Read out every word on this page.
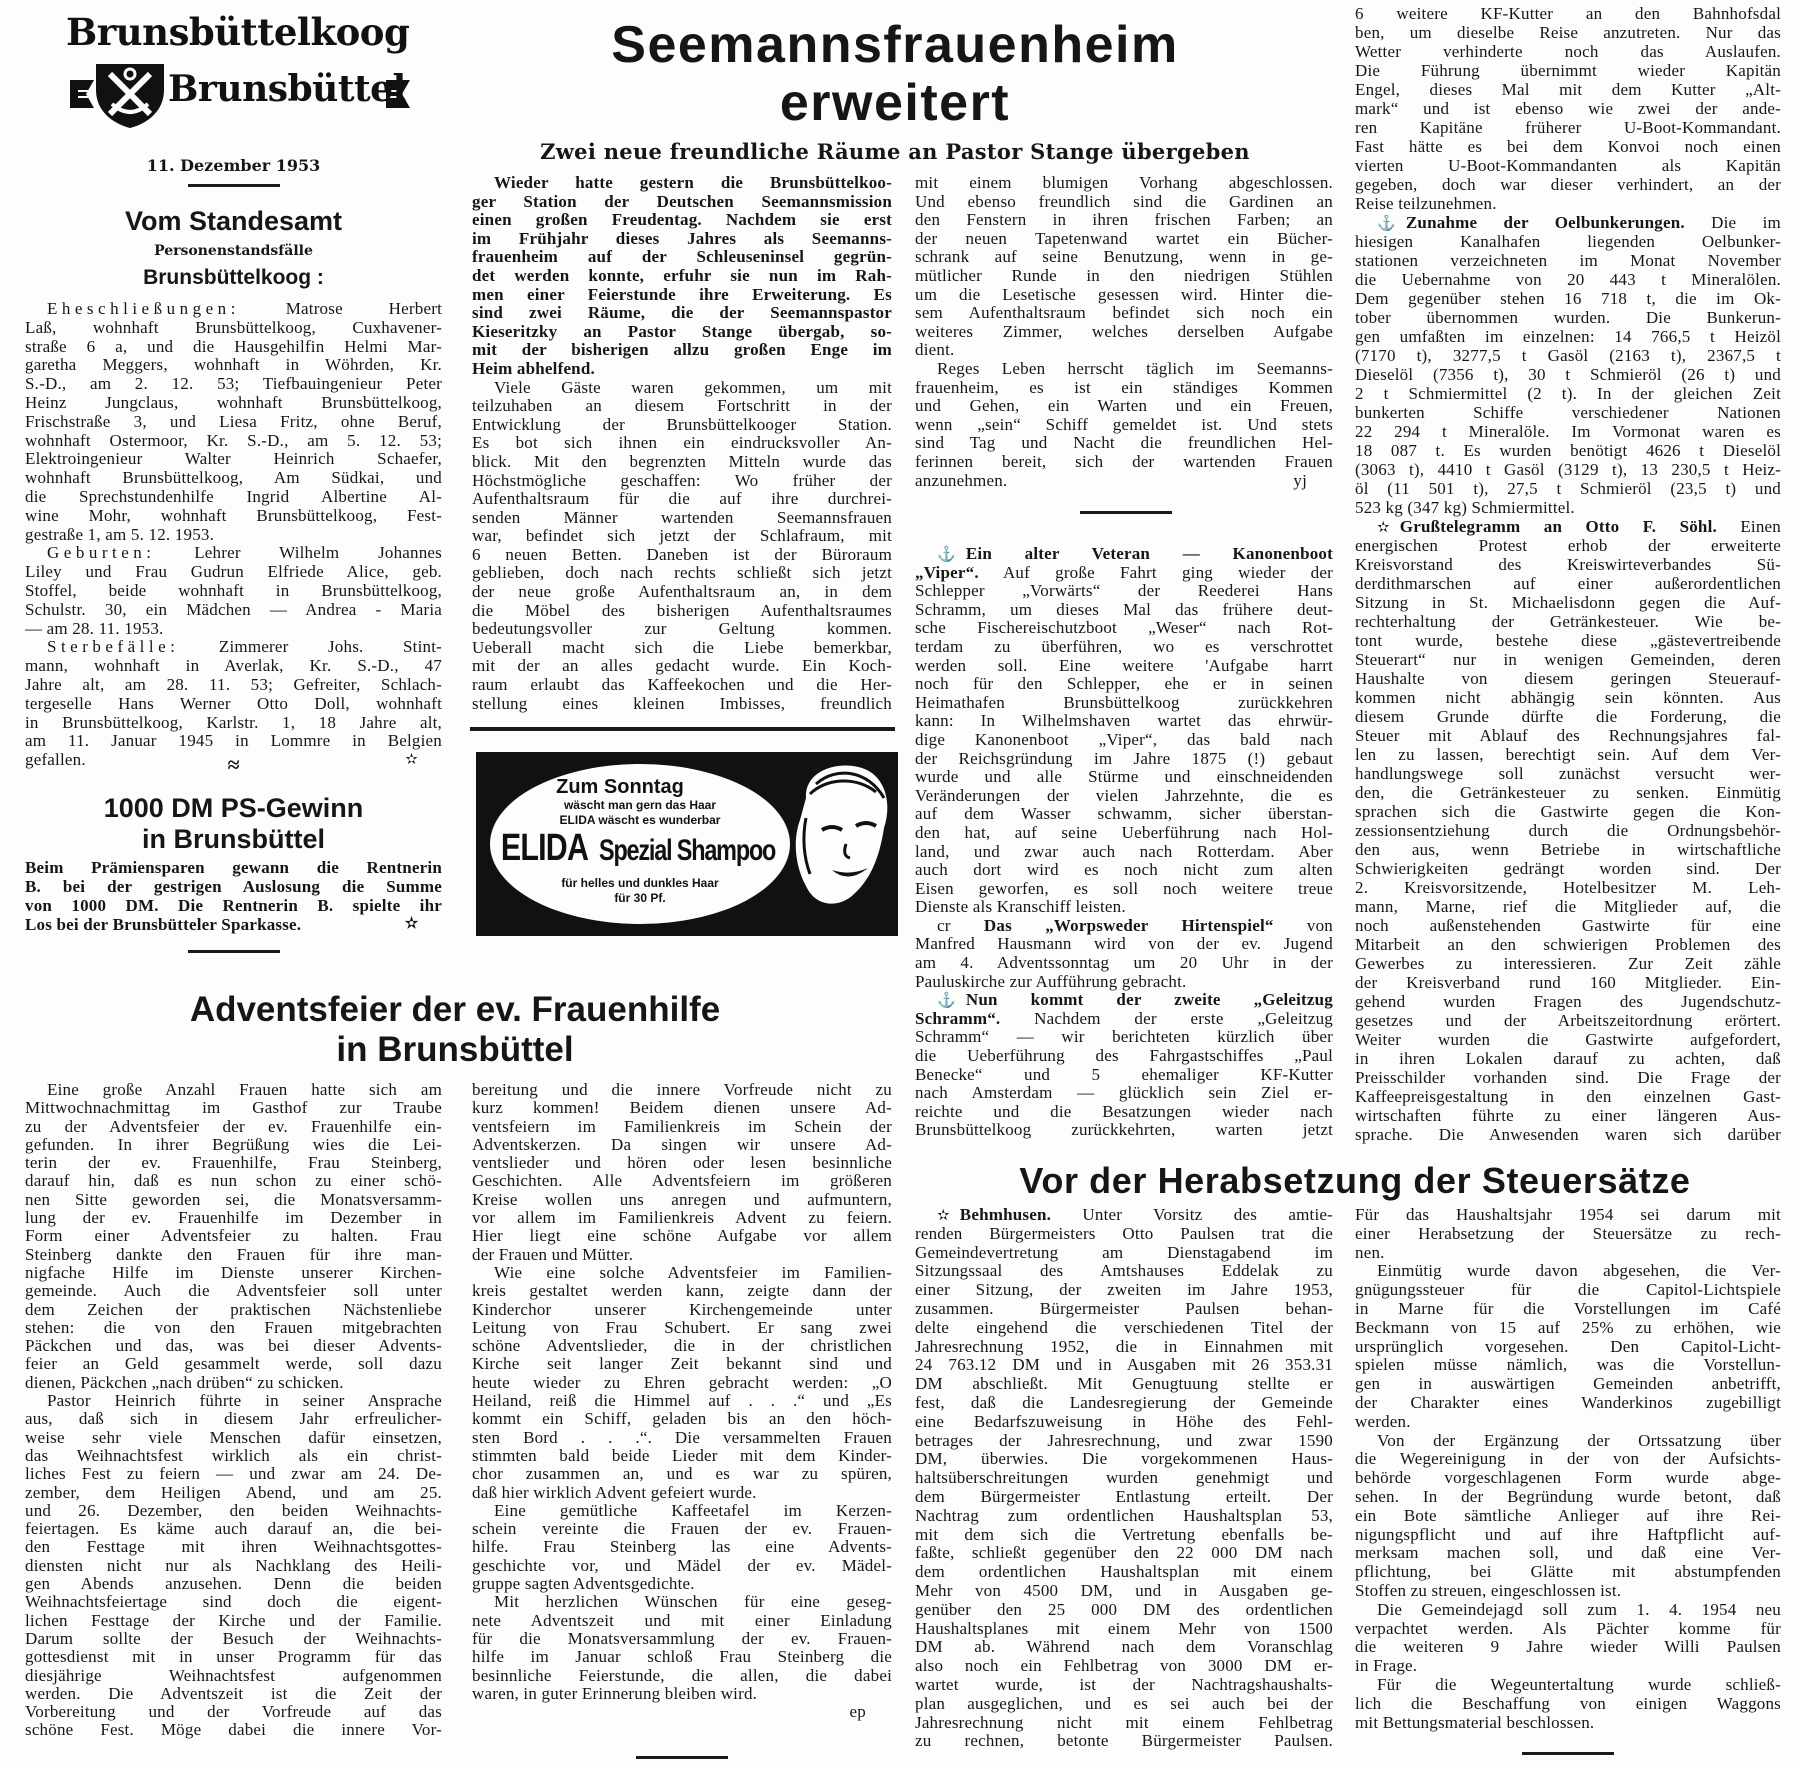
Brunsbüttelkoog
Brunsbüttel
11. Dezember 1953
Vom Standesamt
Personenstandsfälle
Brunsbüttelkoog :
Eheschließungen: Matrose Herbert
Laß, wohnhaft Brunsbüttelkoog, Cuxhavener-
straße 6 a, und die Hausgehilfin Helmi Mar-
garetha Meggers, wohnhaft in Wöhrden, Kr.
S.-D., am 2. 12. 53; Tiefbauingenieur Peter
Heinz Jungclaus, wohnhaft Brunsbüttelkoog,
Frischstraße 3, und Liesa Fritz, ohne Beruf,
wohnhaft Ostermoor, Kr. S.-D., am 5. 12. 53;
Elektroingenieur Walter Heinrich Schaefer,
wohnhaft Brunsbüttelkoog, Am Südkai, und
die Sprechstundenhilfe Ingrid Albertine Al-
wine Mohr, wohnhaft Brunsbüttelkoog, Fest-
gestraße 1, am 5. 12. 1953.
Geburten: Lehrer Wilhelm Johannes
Liley und Frau Gudrun Elfriede Alice, geb.
Stoffel, beide wohnhaft in Brunsbüttelkoog,
Schulstr. 30, ein Mädchen — Andrea - Maria
— am 28. 11. 1953.
Sterbefälle: Zimmerer Johs. Stint-
mann, wohnhaft in Averlak, Kr. S.-D., 47
Jahre alt, am 28. 11. 53; Gefreiter, Schlach-
tergeselle Hans Werner Otto Doll, wohnhaft
in Brunsbüttelkoog, Karlstr. 1, 18 Jahre alt,
am 11. Januar 1945 in Lommre in Belgien
gefallen.	✫
≈
1000 DM PS-Gewinn
in Brunsbüttel
Beim Prämiensparen gewann die Rentnerin
B. bei der gestrigen Auslosung die Summe
von 1000 DM. Die Rentnerin B. spielte ihr
Los bei der Brunsbütteler Sparkasse.	✫
Seemannsfrauenheim
erweitert
Zwei neue freundliche Räume an Pastor Stange übergeben
Wieder hatte gestern die Brunsbüttelkoo-
ger Station der Deutschen Seemannsmission
einen großen Freudentag. Nachdem sie erst
im Frühjahr dieses Jahres als Seemanns-
frauenheim auf der Schleuseninsel gegrün-
det werden konnte, erfuhr sie nun im Rah-
men einer Feierstunde ihre Erweiterung. Es
sind zwei Räume, die der Seemannspastor
Kieseritzky an Pastor Stange übergab, so-
mit der bisherigen allzu großen Enge im
Heim abhelfend.
Viele Gäste waren gekommen, um mit
teilzuhaben an diesem Fortschritt in der
Entwicklung der Brunsbüttelkooger Station.
Es bot sich ihnen ein eindrucksvoller An-
blick. Mit den begrenzten Mitteln wurde das
Höchstmögliche geschaffen: Wo früher der
Aufenthaltsraum für die auf ihre durchrei-
senden Männer wartenden Seemannsfrauen
war, befindet sich jetzt der Schlafraum, mit
6 neuen Betten. Daneben ist der Büroraum
geblieben, doch nach rechts schließt sich jetzt
der neue große Aufenthaltsraum an, in dem
die Möbel des bisherigen Aufenthaltsraumes
bedeutungsvoller zur Geltung kommen.
Ueberall macht sich die Liebe bemerkbar,
mit der an alles gedacht wurde. Ein Koch-
raum erlaubt das Kaffeekochen und die Her-
stellung eines kleinen Imbisses, freundlich
mit einem blumigen Vorhang abgeschlossen.
Und ebenso freundlich sind die Gardinen an
den Fenstern in ihren frischen Farben; an
der neuen Tapetenwand wartet ein Bücher-
schrank auf seine Benutzung, wenn in ge-
mütlicher Runde in den niedrigen Stühlen
um die Lesetische gesessen wird. Hinter die-
sem Aufenthaltsraum befindet sich noch ein
weiteres Zimmer, welches derselben Aufgabe
dient.
Reges Leben herrscht täglich im Seemanns-
frauenheim, es ist ein ständiges Kommen
und Gehen, ein Warten und ein Freuen,
wenn „sein“ Schiff gemeldet ist. Und stets
sind Tag und Nacht die freundlichen Hel-
ferinnen bereit, sich der wartenden Frauen
anzunehmen.	yj
Zum Sonntag
wäscht man gern das Haar
ELIDA wäscht es wunderbar
ELIDA Spezial Shampoo
für helles und dunkles Haar
für 30 Pf.
⚓ Ein alter Veteran — Kanonenboot
„Viper“. Auf große Fahrt ging wieder der
Schlepper „Vorwärts“ der Reederei Hans
Schramm, um dieses Mal das frühere deut-
sche Fischereischutzboot „Weser“ nach Rot-
terdam zu überführen, wo es verschrottet
werden soll. Eine weitere 'Aufgabe harrt
noch für den Schlepper, ehe er in seinen
Heimathafen Brunsbüttelkoog zurückkehren
kann: In Wilhelmshaven wartet das ehrwür-
dige Kanonenboot „Viper“, das bald nach
der Reichsgründung im Jahre 1875 (!) gebaut
wurde und alle Stürme und einschneidenden
Veränderungen der vielen Jahrzehnte, die es
auf dem Wasser schwamm, sicher überstan-
den hat, auf seine Ueberführung nach Hol-
land, und zwar auch nach Rotterdam. Aber
auch dort wird es noch nicht zum alten
Eisen geworfen, es soll noch weitere treue
Dienste als Kranschiff leisten.
cr Das „Worpsweder Hirtenspiel“ von
Manfred Hausmann wird von der ev. Jugend
am 4. Adventssonntag um 20 Uhr in der
Pauluskirche zur Aufführung gebracht.
⚓ Nun kommt der zweite „Geleitzug
Schramm“. Nachdem der erste „Geleitzug
Schramm“ — wir berichteten kürzlich über
die Ueberführung des Fahrgastschiffes „Paul
Benecke“ und 5 ehemaliger KF-Kutter
nach Amsterdam — glücklich sein Ziel er-
reichte und die Besatzungen wieder nach
Brunsbüttelkoog zurückkehrten, warten jetzt
6 weitere KF-Kutter an den Bahnhofsdal
ben, um dieselbe Reise anzutreten. Nur das
Wetter verhinderte noch das Auslaufen.
Die Führung übernimmt wieder Kapitän
Engel, dieses Mal mit dem Kutter „Alt-
mark“ und ist ebenso wie zwei der ande-
ren Kapitäne früherer U-Boot-Kommandant.
Fast hätte es bei dem Konvoi noch einen
vierten U-Boot-Kommandanten als Kapitän
gegeben, doch war dieser verhindert, an der
Reise teilzunehmen.
⚓ Zunahme der Oelbunkerungen. Die im
hiesigen Kanalhafen liegenden Oelbunker-
stationen verzeichneten im Monat November
die Uebernahme von 20 443 t Mineralölen.
Dem gegenüber stehen 16 718 t, die im Ok-
tober übernommen wurden. Die Bunkerun-
gen umfaßten im einzelnen: 14 766,5 t Heizöl
(7170 t), 3277,5 t Gasöl (2163 t), 2367,5 t
Dieselöl (7356 t), 30 t Schmieröl (26 t) und
2 t Schmiermittel (2 t). In der gleichen Zeit
bunkerten Schiffe verschiedener Nationen
22 294 t Mineralöle. Im Vormonat waren es
18 087 t. Es wurden benötigt 4626 t Dieselöl
(3063 t), 4410 t Gasöl (3129 t), 13 230,5 t Heiz-
öl (11 501 t), 27,5 t Schmieröl (23,5 t) und
523 kg (347 kg) Schmiermittel.
✫ Grußtelegramm an Otto F. Söhl. Einen
energischen Protest erhob der erweiterte
Kreisvorstand des Kreiswirteverbandes Sü-
derdithmarschen auf einer außerordentlichen
Sitzung in St. Michaelisdonn gegen die Auf-
rechterhaltung der Getränkesteuer. Wie be-
tont wurde, bestehe diese „gästevertreibende
Steuerart“ nur in wenigen Gemeinden, deren
Haushalte von diesem geringen Steuerauf-
kommen nicht abhängig sein könnten. Aus
diesem Grunde dürfte die Forderung, die
Steuer mit Ablauf des Rechnungsjahres fal-
len zu lassen, berechtigt sein. Auf dem Ver-
handlungswege soll zunächst versucht wer-
den, die Getränkesteuer zu senken. Einmütig
sprachen sich die Gastwirte gegen die Kon-
zessionsentziehung durch die Ordnungsbehör-
den aus, wenn Betriebe in wirtschaftliche
Schwierigkeiten gedrängt worden sind. Der
2. Kreisvorsitzende, Hotelbesitzer M. Leh-
mann, Marne, rief die Mitglieder auf, die
noch außenstehenden Gastwirte für eine
Mitarbeit an den schwierigen Problemen des
Gewerbes zu interessieren. Zur Zeit zähle
der Kreisverband rund 160 Mitglieder. Ein-
gehend wurden Fragen des Jugendschutz-
gesetzes und der Arbeitszeitordnung erörtert.
Weiter wurden die Gastwirte aufgefordert,
in ihren Lokalen darauf zu achten, daß
Preisschilder vorhanden sind. Die Frage der
Kaffeepreisgestaltung in den einzelnen Gast-
wirtschaften führte zu einer längeren Aus-
sprache. Die Anwesenden waren sich darüber
Adventsfeier der ev. Frauenhilfe
in Brunsbüttel
Eine große Anzahl Frauen hatte sich am
Mittwochnachmittag im Gasthof zur Traube
zu der Adventsfeier der ev. Frauenhilfe ein-
gefunden. In ihrer Begrüßung wies die Lei-
terin der ev. Frauenhilfe, Frau Steinberg,
darauf hin, daß es nun schon zu einer schö-
nen Sitte geworden sei, die Monatsversamm-
lung der ev. Frauenhilfe im Dezember in
Form einer Adventsfeier zu halten. Frau
Steinberg dankte den Frauen für ihre man-
nigfache Hilfe im Dienste unserer Kirchen-
gemeinde. Auch die Adventsfeier soll unter
dem Zeichen der praktischen Nächstenliebe
stehen: die von den Frauen mitgebrachten
Päckchen und das, was bei dieser Advents-
feier an Geld gesammelt werde, soll dazu
dienen, Päckchen „nach drüben“ zu schicken.
Pastor Heinrich führte in seiner Ansprache
aus, daß sich in diesem Jahr erfreulicher-
weise sehr viele Menschen dafür einsetzen,
das Weihnachtsfest wirklich als ein christ-
liches Fest zu feiern — und zwar am 24. De-
zember, dem Heiligen Abend, und am 25.
und 26. Dezember, den beiden Weihnachts-
feiertagen. Es käme auch darauf an, die bei-
den Festtage mit ihren Weihnachtsgottes-
diensten nicht nur als Nachklang des Heili-
gen Abends anzusehen. Denn die beiden
Weihnachtsfeiertage sind doch die eigent-
lichen Festtage der Kirche und der Familie.
Darum sollte der Besuch der Weihnachts-
gottesdienst mit in unser Programm für das
diesjährige Weihnachtsfest aufgenommen
werden. Die Adventszeit ist die Zeit der
Vorbereitung und der Vorfreude auf das
schöne Fest. Möge dabei die innere Vor-
bereitung und die innere Vorfreude nicht zu
kurz kommen! Beidem dienen unsere Ad-
ventsfeiern im Familienkreis im Schein der
Adventskerzen. Da singen wir unsere Ad-
ventslieder und hören oder lesen besinnliche
Geschichten. Alle Adventsfeiern im größeren
Kreise wollen uns anregen und aufmuntern,
vor allem im Familienkreis Advent zu feiern.
Hier liegt eine schöne Aufgabe vor allem
der Frauen und Mütter.
Wie eine solche Adventsfeier im Familien-
kreis gestaltet werden kann, zeigte dann der
Kinderchor unserer Kirchengemeinde unter
Leitung von Frau Schubert. Er sang zwei
schöne Adventslieder, die in der christlichen
Kirche seit langer Zeit bekannt sind und
heute wieder zu Ehren gebracht werden: „O
Heiland, reiß die Himmel auf . . .“ und „Es
kommt ein Schiff, geladen bis an den höch-
sten Bord . . .“. Die versammelten Frauen
stimmten bald beide Lieder mit dem Kinder-
chor zusammen an, und es war zu spüren,
daß hier wirklich Advent gefeiert wurde.
Eine gemütliche Kaffeetafel im Kerzen-
schein vereinte die Frauen der ev. Frauen-
hilfe. Frau Steinberg las eine Advents-
geschichte vor, und Mädel der ev. Mädel-
gruppe sagten Adventsgedichte.
Mit herzlichen Wünschen für eine geseg-
nete Adventszeit und mit einer Einladung
für die Monatsversammlung der ev. Frauen-
hilfe im Januar schloß Frau Steinberg die
besinnliche Feierstunde, die allen, die dabei
waren, in guter Erinnerung bleiben wird.
ep
Vor der Herabsetzung der Steuersätze
✫ Behmhusen. Unter Vorsitz des amtie-
renden Bürgermeisters Otto Paulsen trat die
Gemeindevertretung am Dienstagabend im
Sitzungssaal des Amtshauses Eddelak zu
einer Sitzung, der zweiten im Jahre 1953,
zusammen. Bürgermeister Paulsen behan-
delte eingehend die verschiedenen Titel der
Jahresrechnung 1952, die in Einnahmen mit
24 763.12 DM und in Ausgaben mit 26 353.31
DM abschließt. Mit Genugtuung stellte er
fest, daß die Landesregierung der Gemeinde
eine Bedarfszuweisung in Höhe des Fehl-
betrages der Jahresrechnung, und zwar 1590
DM, überwies. Die vorgekommenen Haus-
haltsüberschreitungen wurden genehmigt und
dem Bürgermeister Entlastung erteilt. Der
Nachtrag zum ordentlichen Haushaltsplan 53,
mit dem sich die Vertretung ebenfalls be-
faßte, schließt gegenüber den 22 000 DM nach
dem ordentlichen Haushaltsplan mit einem
Mehr von 4500 DM, und in Ausgaben ge-
genüber den 25 000 DM des ordentlichen
Haushaltsplanes mit einem Mehr von 1500
DM ab. Während nach dem Voranschlag
also noch ein Fehlbetrag von 3000 DM er-
wartet wurde, ist der Nachtragshaushalts-
plan ausgeglichen, und es sei auch bei der
Jahresrechnung nicht mit einem Fehlbetrag
zu rechnen, betonte Bürgermeister Paulsen.
Für das Haushaltsjahr 1954 sei darum mit
einer Herabsetzung der Steuersätze zu rech-
nen.
Einmütig wurde davon abgesehen, die Ver-
gnügungssteuer für die Capitol-Lichtspiele
in Marne für die Vorstellungen im Café
Beckmann von 15 auf 25% zu erhöhen, wie
ursprünglich vorgesehen. Den Capitol-Licht-
spielen müsse nämlich, was die Vorstellun-
gen in auswärtigen Gemeinden anbetrifft,
der Charakter eines Wanderkinos zugebilligt
werden.
Von der Ergänzung der Ortssatzung über
die Wegereinigung in der von der Aufsichts-
behörde vorgeschlagenen Form wurde abge-
sehen. In der Begründung wurde betont, daß
ein Bote sämtliche Anlieger auf ihre Rei-
nigungspflicht und auf ihre Haftpflicht auf-
merksam machen soll, und daß eine Ver-
pflichtung, bei Glätte mit abstumpfenden
Stoffen zu streuen, eingeschlossen ist.
Die Gemeindejagd soll zum 1. 4. 1954 neu
verpachtet werden. Als Pächter komme für
die weiteren 9 Jahre wieder Willi Paulsen
in Frage.
Für die Wegeuntertaltung wurde schließ-
lich die Beschaffung von einigen Waggons
mit Bettungsmaterial beschlossen.
